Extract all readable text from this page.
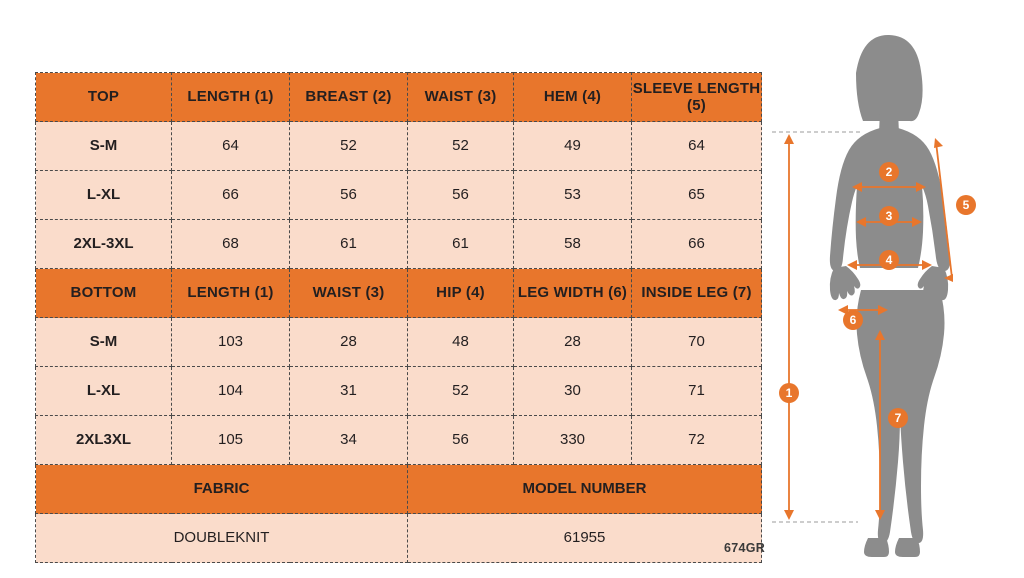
TOP	LENGTH (1)	BREAST (2)	WAIST (3)	HEM (4)	SLEEVE LENGTH (5)
S-M	64	52	52	49	64
L-XL	66	56	56	53	65
2XL-3XL	68	61	61	58	66
BOTTOM	LENGTH (1)	WAIST (3)	HIP (4)	LEG WIDTH (6)	INSIDE LEG (7)
S-M	103	28	48	28	70
L-XL	104	31	52	30	71
2XL3XL	105	34	56	330	72
FABRIC			MODEL NUMBER		
DOUBLEKNIT			61955		
674GR
1
2
3
4
5
6
7
